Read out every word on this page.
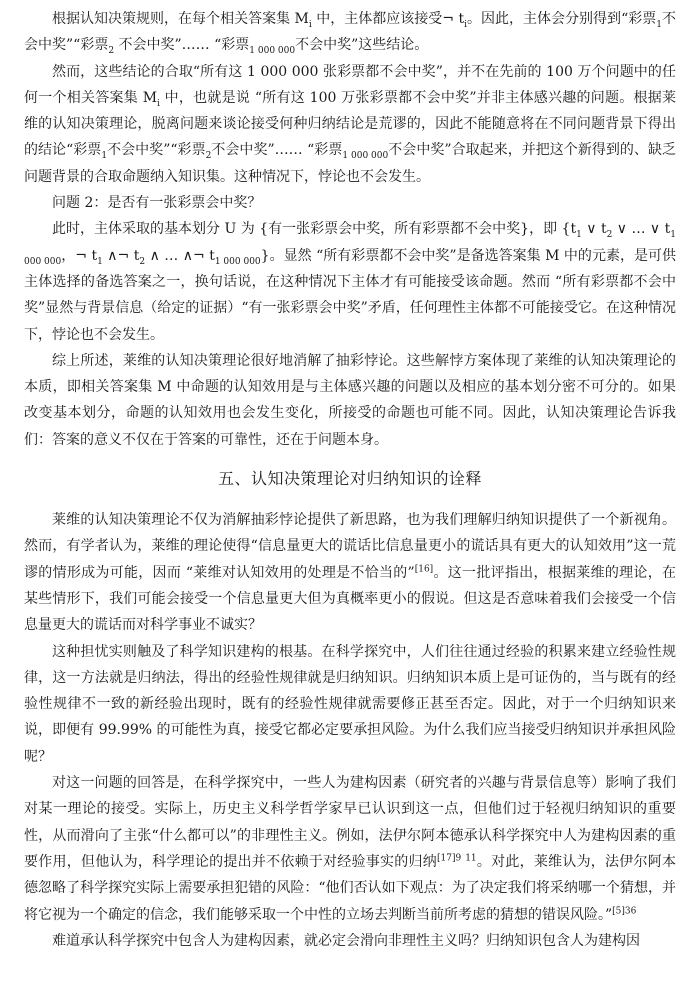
根据认知决策规则，在每个相关答案集 $M_i$ 中，主体都应该接受¬ $t_i$。因此，主体会分别得到“彩票$_1$不会中奖”“彩票$_2$ 不会中奖”…… “彩票$_{1 000 000}$不会中奖”这些结论。

然而，这些结论的合取“所有这 1 000 000 张彩票都不会中奖”，并不在先前的 100 万个问题中的任何一个相关答案集 $M_i$ 中，也就是说 “所有这 100 万张彩票都不会中奖”并非主体感兴趣的问题。根据莱维的认知决策理论，脱离问题来谈论接受何种归纳结论是荒谬的，因此不能随意将在不同问题背景下得出的结论“彩票$_1$不会中奖”“彩票$_2$不会中奖”…… “彩票$_{1 000 000}$不会中奖”合取起来，并把这个新得到的、缺乏问题背景的合取命题纳入知识集。这种情况下，悖论也不会发生。

问题 2：是否有一张彩票会中奖？

此时，主体采取的基本划分 U 为 {有一张彩票会中奖，所有彩票都不会中奖}，即 {$t_1$ ∨ $t_2$ ∨ … ∨ $t_{1 000 000}$，¬ $t_1$ ∧¬ $t_2$ ∧ … ∧¬ $t_{1 000 000}$}。显然 “所有彩票都不会中奖”是备选答案集 M 中的元素，是可供主体选择的备选答案之一，换句话说，在这种情况下主体才有可能接受该命题。然而 “所有彩票都不会中奖”显然与背景信息（给定的证据）“有一张彩票会中奖”矛盾，任何理性主体都不可能接受它。在这种情况下，悖论也不会发生。

综上所述，莱维的认知决策理论很好地消解了抽彩悖论。这些解悖方案体现了莱维的认知决策理论的本质，即相关答案集 M 中命题的认知效用是与主体感兴趣的问题以及相应的基本划分密不可分的。如果改变基本划分，命题的认知效用也会发生变化，所接受的命题也可能不同。因此，认知决策理论告诉我们：答案的意义不仅在于答案的可靠性，还在于问题本身。

五、认知决策理论对归纳知识的诠释

莱维的认知决策理论不仅为消解抽彩悖论提供了新思路，也为我们理解归纳知识提供了一个新视角。然而，有学者认为，莱维的理论使得“信息量更大的谎话比信息量更小的谎话具有更大的认知效用”这一荒谬的情形成为可能，因而 “莱维对认知效用的处理是不恰当的”[16]。这一批评指出，根据莱维的理论，在某些情形下，我们可能会接受一个信息量更大但为真概率更小的假说。但这是否意味着我们会接受一个信息量更大的谎话而对科学事业不诚实？

这种担忧实则触及了科学知识建构的根基。在科学探究中，人们往往通过经验的积累来建立经验性规律，这一方法就是归纳法，得出的经验性规律就是归纳知识。归纳知识本质上是可证伪的，当与既有的经验性规律不一致的新经验出现时，既有的经验性规律就需要修正甚至否定。因此，对于一个归纳知识来说，即便有 99.99% 的可能性为真，接受它都必定要承担风险。为什么我们应当接受归纳知识并承担风险呢？

对这一问题的回答是，在科学探究中，一些人为建构因素（研究者的兴趣与背景信息等）影响了我们对某一理论的接受。实际上，历史主义科学哲学家早已认识到这一点，但他们过于轻视归纳知识的重要性，从而滑向了主张“什么都可以”的非理性主义。例如，法伊尔阿本德承认科学探究中人为建构因素的重要作用，但他认为，科学理论的提出并不依赖于对经验事实的归纳$^{[17]9}$ $^{11}$。对此，莱维认为，法伊尔阿本德忽略了科学探究实际上需要承担犯错的风险：“他们否认如下观点：为了决定我们将采纳哪一个猜想，并将它视为一个确定的信念，我们能够采取一个中性的立场去判断当前所考虑的猜想的错误风险。”$^{[5]36}$

难道承认科学探究中包含人为建构因素，就必定会滑向非理性主义吗？归纳知识包含人为建构因
